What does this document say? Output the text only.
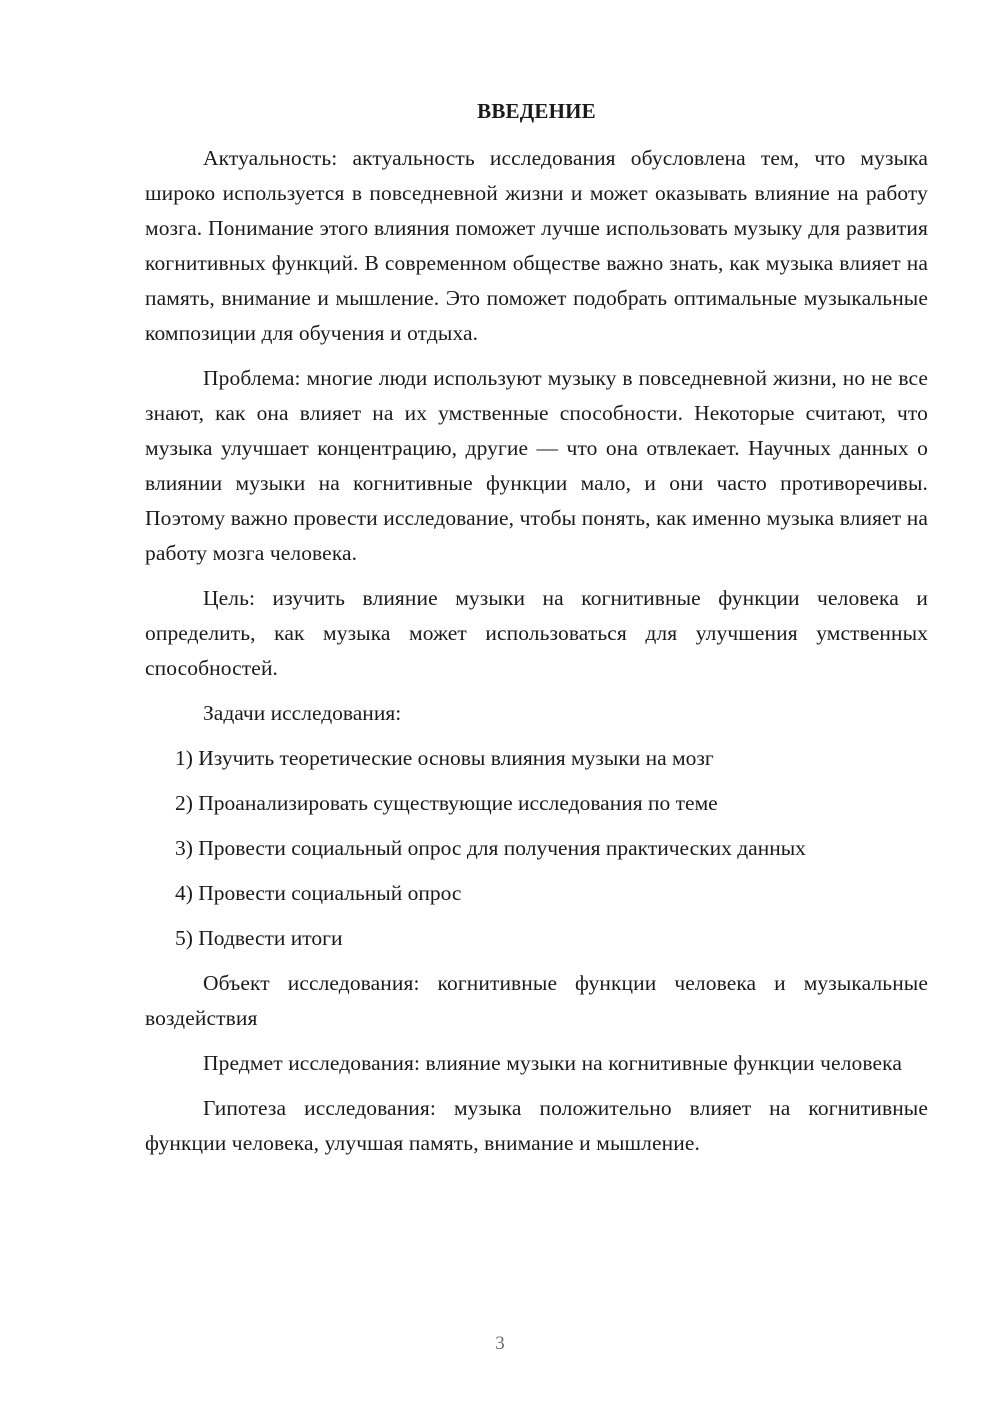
ВВЕДЕНИЕ

Актуальность: актуальность исследования обусловлена тем, что музыка широко используется в повседневной жизни и может оказывать влияние на работу мозга. Понимание этого влияния поможет лучше использовать музыку для развития когнитивных функций. В современном обществе важно знать, как музыка влияет на память, внимание и мышление. Это поможет подобрать оптимальные музыкальные композиции для обучения и отдыха.

Проблема: многие люди используют музыку в повседневной жизни, но не все знают, как она влияет на их умственные способности. Некоторые считают, что музыка улучшает концентрацию, другие — что она отвлекает. Научных данных о влиянии музыки на когнитивные функции мало, и они часто противоречивы. Поэтому важно провести исследование, чтобы понять, как именно музыка влияет на работу мозга человека.

Цель: изучить влияние музыки на когнитивные функции человека и определить, как музыка может использоваться для улучшения умственных способностей.

Задачи исследования:

1) Изучить теоретические основы влияния музыки на мозг
2) Проанализировать существующие исследования по теме
3) Провести социальный опрос для получения практических данных
4) Провести социальный опрос
5) Подвести итоги

Объект исследования: когнитивные функции человека и музыкальные воздействия

Предмет исследования: влияние музыки на когнитивные функции человека

Гипотеза исследования: музыка положительно влияет на когнитивные функции человека, улучшая память, внимание и мышление.

3
